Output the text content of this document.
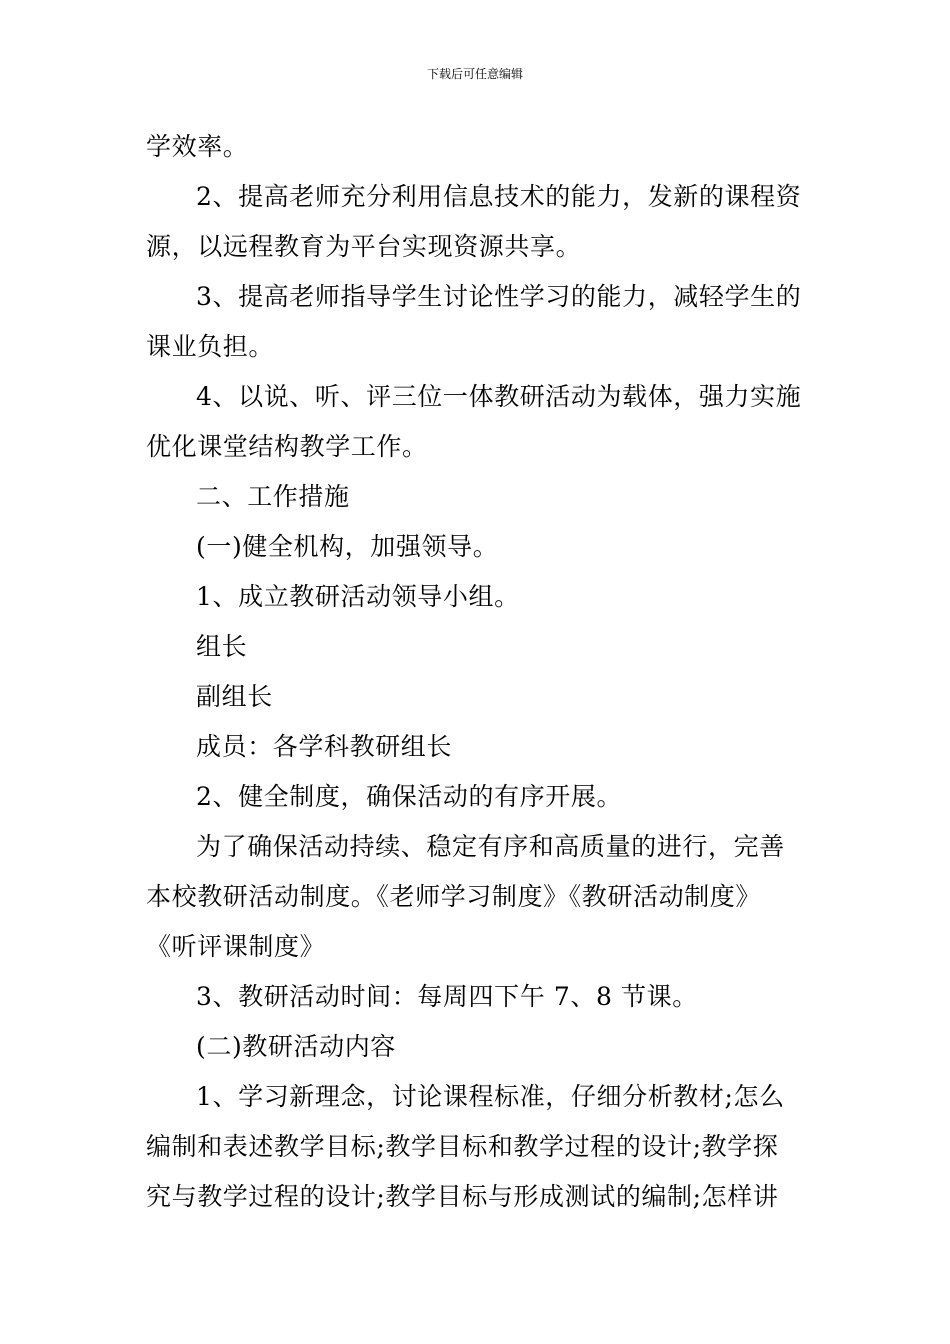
下载后可任意编辑
学效率。
2、提高老师充分利用信息技术的能力，发新的课程资
源，以远程教育为平台实现资源共享。
3、提高老师指导学生讨论性学习的能力，减轻学生的
课业负担。
4、以说、听、评三位一体教研活动为载体，强力实施
优化课堂结构教学工作。
二、工作措施
(一)健全机构，加强领导。
1、成立教研活动领导小组。
组长
副组长
成员：各学科教研组长
2、健全制度，确保活动的有序开展。
为了确保活动持续、稳定有序和高质量的进行，完善
本校教研活动制度。《老师学习制度》《教研活动制度》
《听评课制度》
3、教研活动时间：每周四下午 7、8 节课。
(二)教研活动内容
1、学习新理念，讨论课程标准，仔细分析教材;怎么
编制和表述教学目标;教学目标和教学过程的设计;教学探
究与教学过程的设计;教学目标与形成测试的编制;怎样讲
